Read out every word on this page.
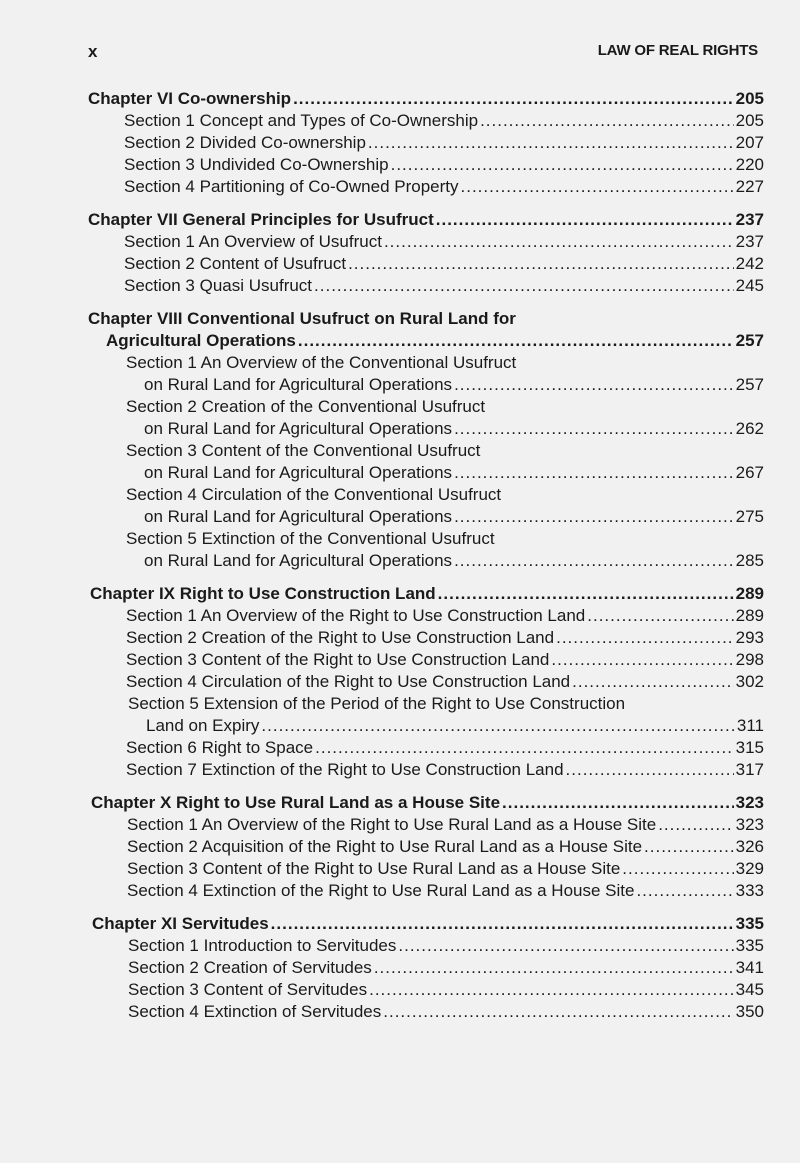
x	LAW OF REAL RIGHTS
Chapter VI Co-ownership .....	205
Section 1 Concept and Types of Co-Ownership .....	205
Section 2 Divided Co-ownership .....	207
Section 3 Undivided Co-Ownership .....	220
Section 4 Partitioning of Co-Owned Property .....	227
Chapter VII General Principles for Usufruct .....	237
Section 1 An Overview of Usufruct .....	237
Section 2 Content of Usufruct .....	242
Section 3 Quasi Usufruct .....	245
Chapter VIII Conventional Usufruct on Rural Land for
Agricultural Operations .....	257
Section 1 An Overview of the Conventional Usufruct
on Rural Land for Agricultural Operations .....	257
Section 2 Creation of the Conventional Usufruct
on Rural Land for Agricultural Operations .....	262
Section 3 Content of the Conventional Usufruct
on Rural Land for Agricultural Operations .....	267
Section 4 Circulation of the Conventional Usufruct
on Rural Land for Agricultural Operations .....	275
Section 5 Extinction of the Conventional Usufruct
on Rural Land for Agricultural Operations .....	285
Chapter IX Right to Use Construction Land .....	289
Section 1 An Overview of the Right to Use Construction Land .....	289
Section 2 Creation of the Right to Use Construction Land .....	293
Section 3 Content of the Right to Use Construction Land .....	298
Section 4 Circulation of the Right to Use Construction Land .....	302
Section 5 Extension of the Period of the Right to Use Construction
Land on Expiry .....	311
Section 6 Right to Space .....	315
Section 7 Extinction of the Right to Use Construction Land .....	317
Chapter X Right to Use Rural Land as a House Site .....	323
Section 1 An Overview of the Right to Use Rural Land as a House Site .....	323
Section 2 Acquisition of the Right to Use Rural Land as a House Site .....	326
Section 3 Content of the Right to Use Rural Land as a House Site .....	329
Section 4 Extinction of the Right to Use Rural Land as a House Site .....	333
Chapter XI Servitudes .....	335
Section 1 Introduction to Servitudes .....	335
Section 2 Creation of Servitudes .....	341
Section 3 Content of Servitudes .....	345
Section 4 Extinction of Servitudes .....	350
